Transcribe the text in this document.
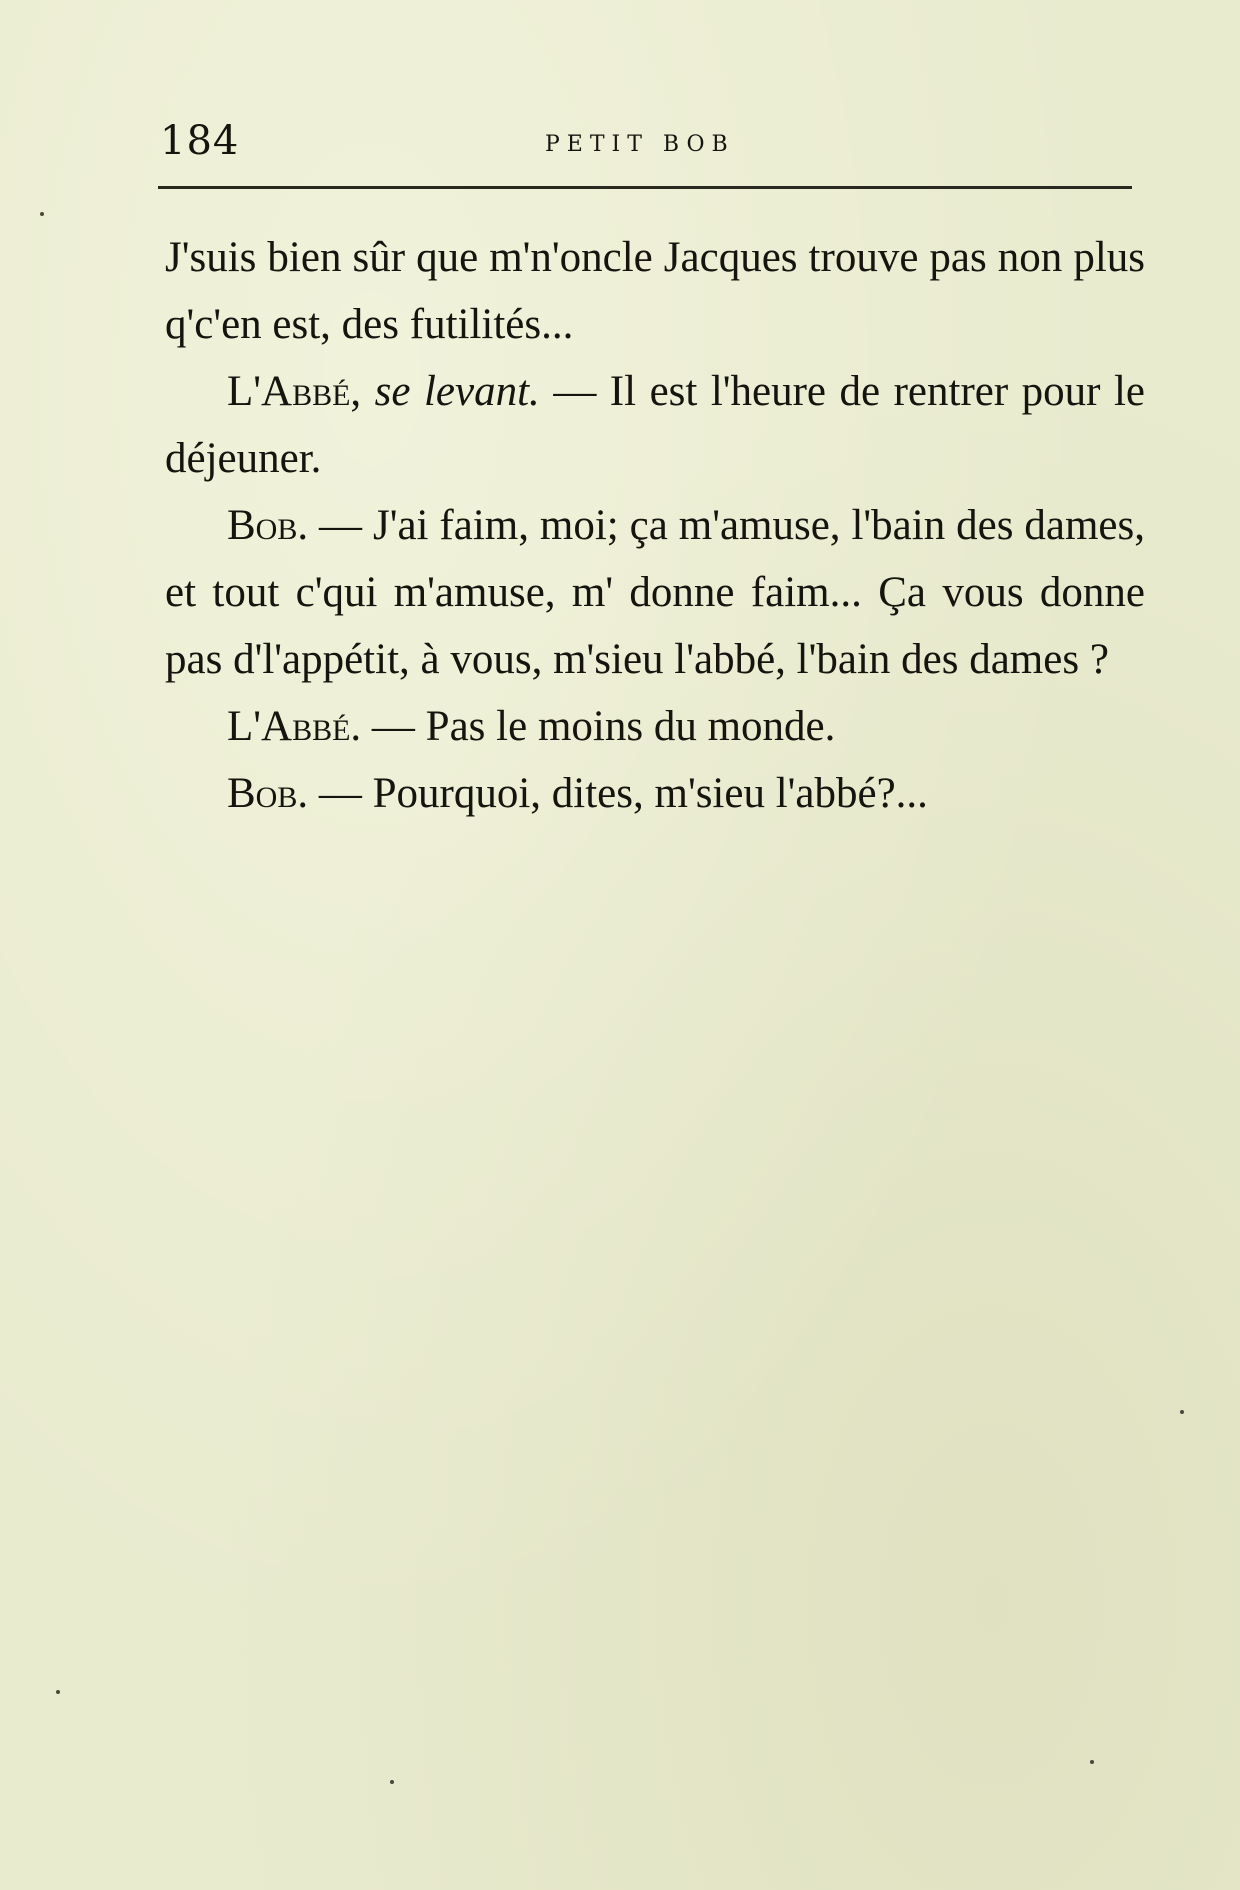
184	PETIT BOB

J'suis bien sûr que m'n'oncle Jacques trouve pas non plus q'c'en est, des futilités...

L'Abbé, se levant. — Il est l'heure de rentrer pour le déjeuner.

Bob. — J'ai faim, moi; ça m'amuse, l'bain des dames, et tout c'qui m'amuse, m' donne faim... Ça vous donne pas d'l'appétit, à vous, m'sieu l'abbé, l'bain des dames ?

L'Abbé. — Pas le moins du monde.

Bob. — Pourquoi, dites, m'sieu l'abbé?...
